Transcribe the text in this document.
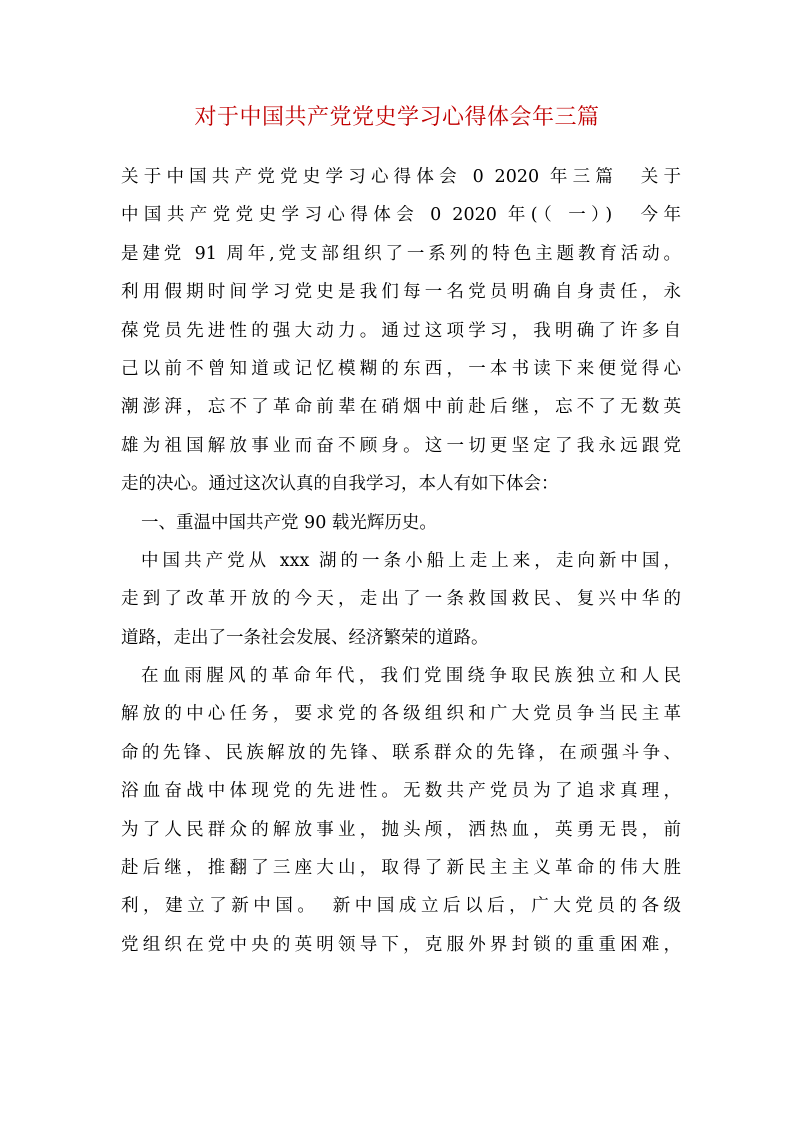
对于中国共产党党史学习心得体会年三篇
关于中国共产党党史学习心得体会 0 2020 年三篇　关于
中国共产党党史学习心得体会 0 2020 年(（ 一）)　今年
是建党 91 周年,党支部组织了一系列的特色主题教育活动。
利用假期时间学习党史是我们每一名党员明确自身责任，永
葆党员先进性的强大动力。通过这项学习，我明确了许多自
己以前不曾知道或记忆模糊的东西，一本书读下来便觉得心
潮澎湃，忘不了革命前辈在硝烟中前赴后继，忘不了无数英
雄为祖国解放事业而奋不顾身。这一切更坚定了我永远跟党
走的决心。通过这次认真的自我学习，本人有如下体会：
一、重温中国共产党 90 载光辉历史。
中国共产党从 xxx 湖的一条小船上走上来，走向新中国，
走到了改革开放的今天，走出了一条救国救民、复兴中华的
道路，走出了一条社会发展、经济繁荣的道路。
在血雨腥风的革命年代，我们党围绕争取民族独立和人民
解放的中心任务，要求党的各级组织和广大党员争当民主革
命的先锋、民族解放的先锋、联系群众的先锋，在顽强斗争、
浴血奋战中体现党的先进性。无数共产党员为了追求真理，
为了人民群众的解放事业，抛头颅，洒热血，英勇无畏，前
赴后继，推翻了三座大山，取得了新民主主义革命的伟大胜
利，建立了新中国。　新中国成立后以后，广大党员的各级
党组织在党中央的英明领导下，克服外界封锁的重重困难，
